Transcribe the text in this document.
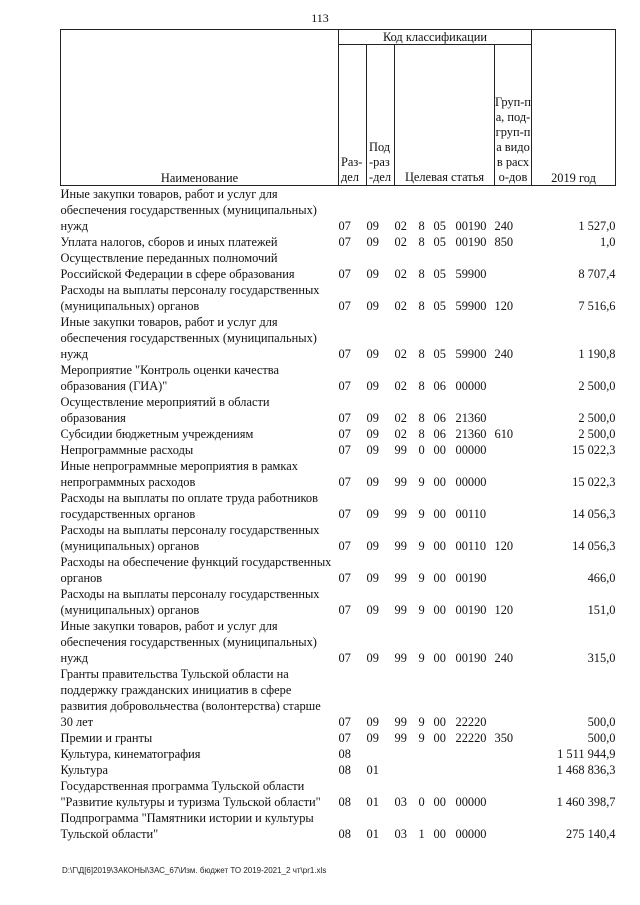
113
Наименование	Код классификации							2019 год

	Раз-дел	Под-раз-дел	Целевая статья				Груп-па, под-груп-па видов расхо-дов	

Иные закупки товаров, работ и услуг для обеспечения государственных (муниципальных) нужд	07	09	02	8	05	00190	240	1 527,0
Уплата налогов, сборов и иных платежей	07	09	02	8	05	00190	850	1,0
Осуществление переданных полномочий Российской Федерации в сфере образования	07	09	02	8	05	59900		8 707,4
Расходы на выплаты персоналу государственных (муниципальных) органов	07	09	02	8	05	59900	120	7 516,6
Иные закупки товаров, работ и услуг для обеспечения государственных (муниципальных) нужд	07	09	02	8	05	59900	240	1 190,8
Мероприятие "Контроль оценки качества образования (ГИА)"	07	09	02	8	06	00000		2 500,0
Осуществление мероприятий в области образования	07	09	02	8	06	21360		2 500,0
Субсидии бюджетным учреждениям	07	09	02	8	06	21360	610	2 500,0
Непрограммные расходы	07	09	99	0	00	00000		15 022,3
Иные непрограммные мероприятия в рамках непрограммных расходов	07	09	99	9	00	00000		15 022,3
Расходы на выплаты по оплате труда работников государственных органов	07	09	99	9	00	00110		14 056,3
Расходы на выплаты персоналу государственных (муниципальных) органов	07	09	99	9	00	00110	120	14 056,3
Расходы на обеспечение функций государственных органов	07	09	99	9	00	00190		466,0
Расходы на выплаты персоналу государственных (муниципальных) органов	07	09	99	9	00	00190	120	151,0
Иные закупки товаров, работ и услуг для обеспечения государственных (муниципальных) нужд	07	09	99	9	00	00190	240	315,0
Гранты правительства Тульской области на поддержку гражданских инициатив в сфере развития добровольчества (волонтерства) старше 30 лет	07	09	99	9	00	22220		500,0
Премии и гранты	07	09	99	9	00	22220	350	500,0
Культура, кинематография	08							1 511 944,9
Культура	08	01						1 468 836,3
Государственная программа Тульской области "Развитие культуры и туризма Тульской области"	08	01	03	0	00	00000		1 460 398,7
Подпрограмма "Памятники истории и культуры Тульской области"	08	01	03	1	00	00000		275 140,4
D:\Г\Д[6]2019\ЗАКОНЫ\ЗАС_67\Изм. бюджет ТО 2019-2021_2 чт\pr1.xls
